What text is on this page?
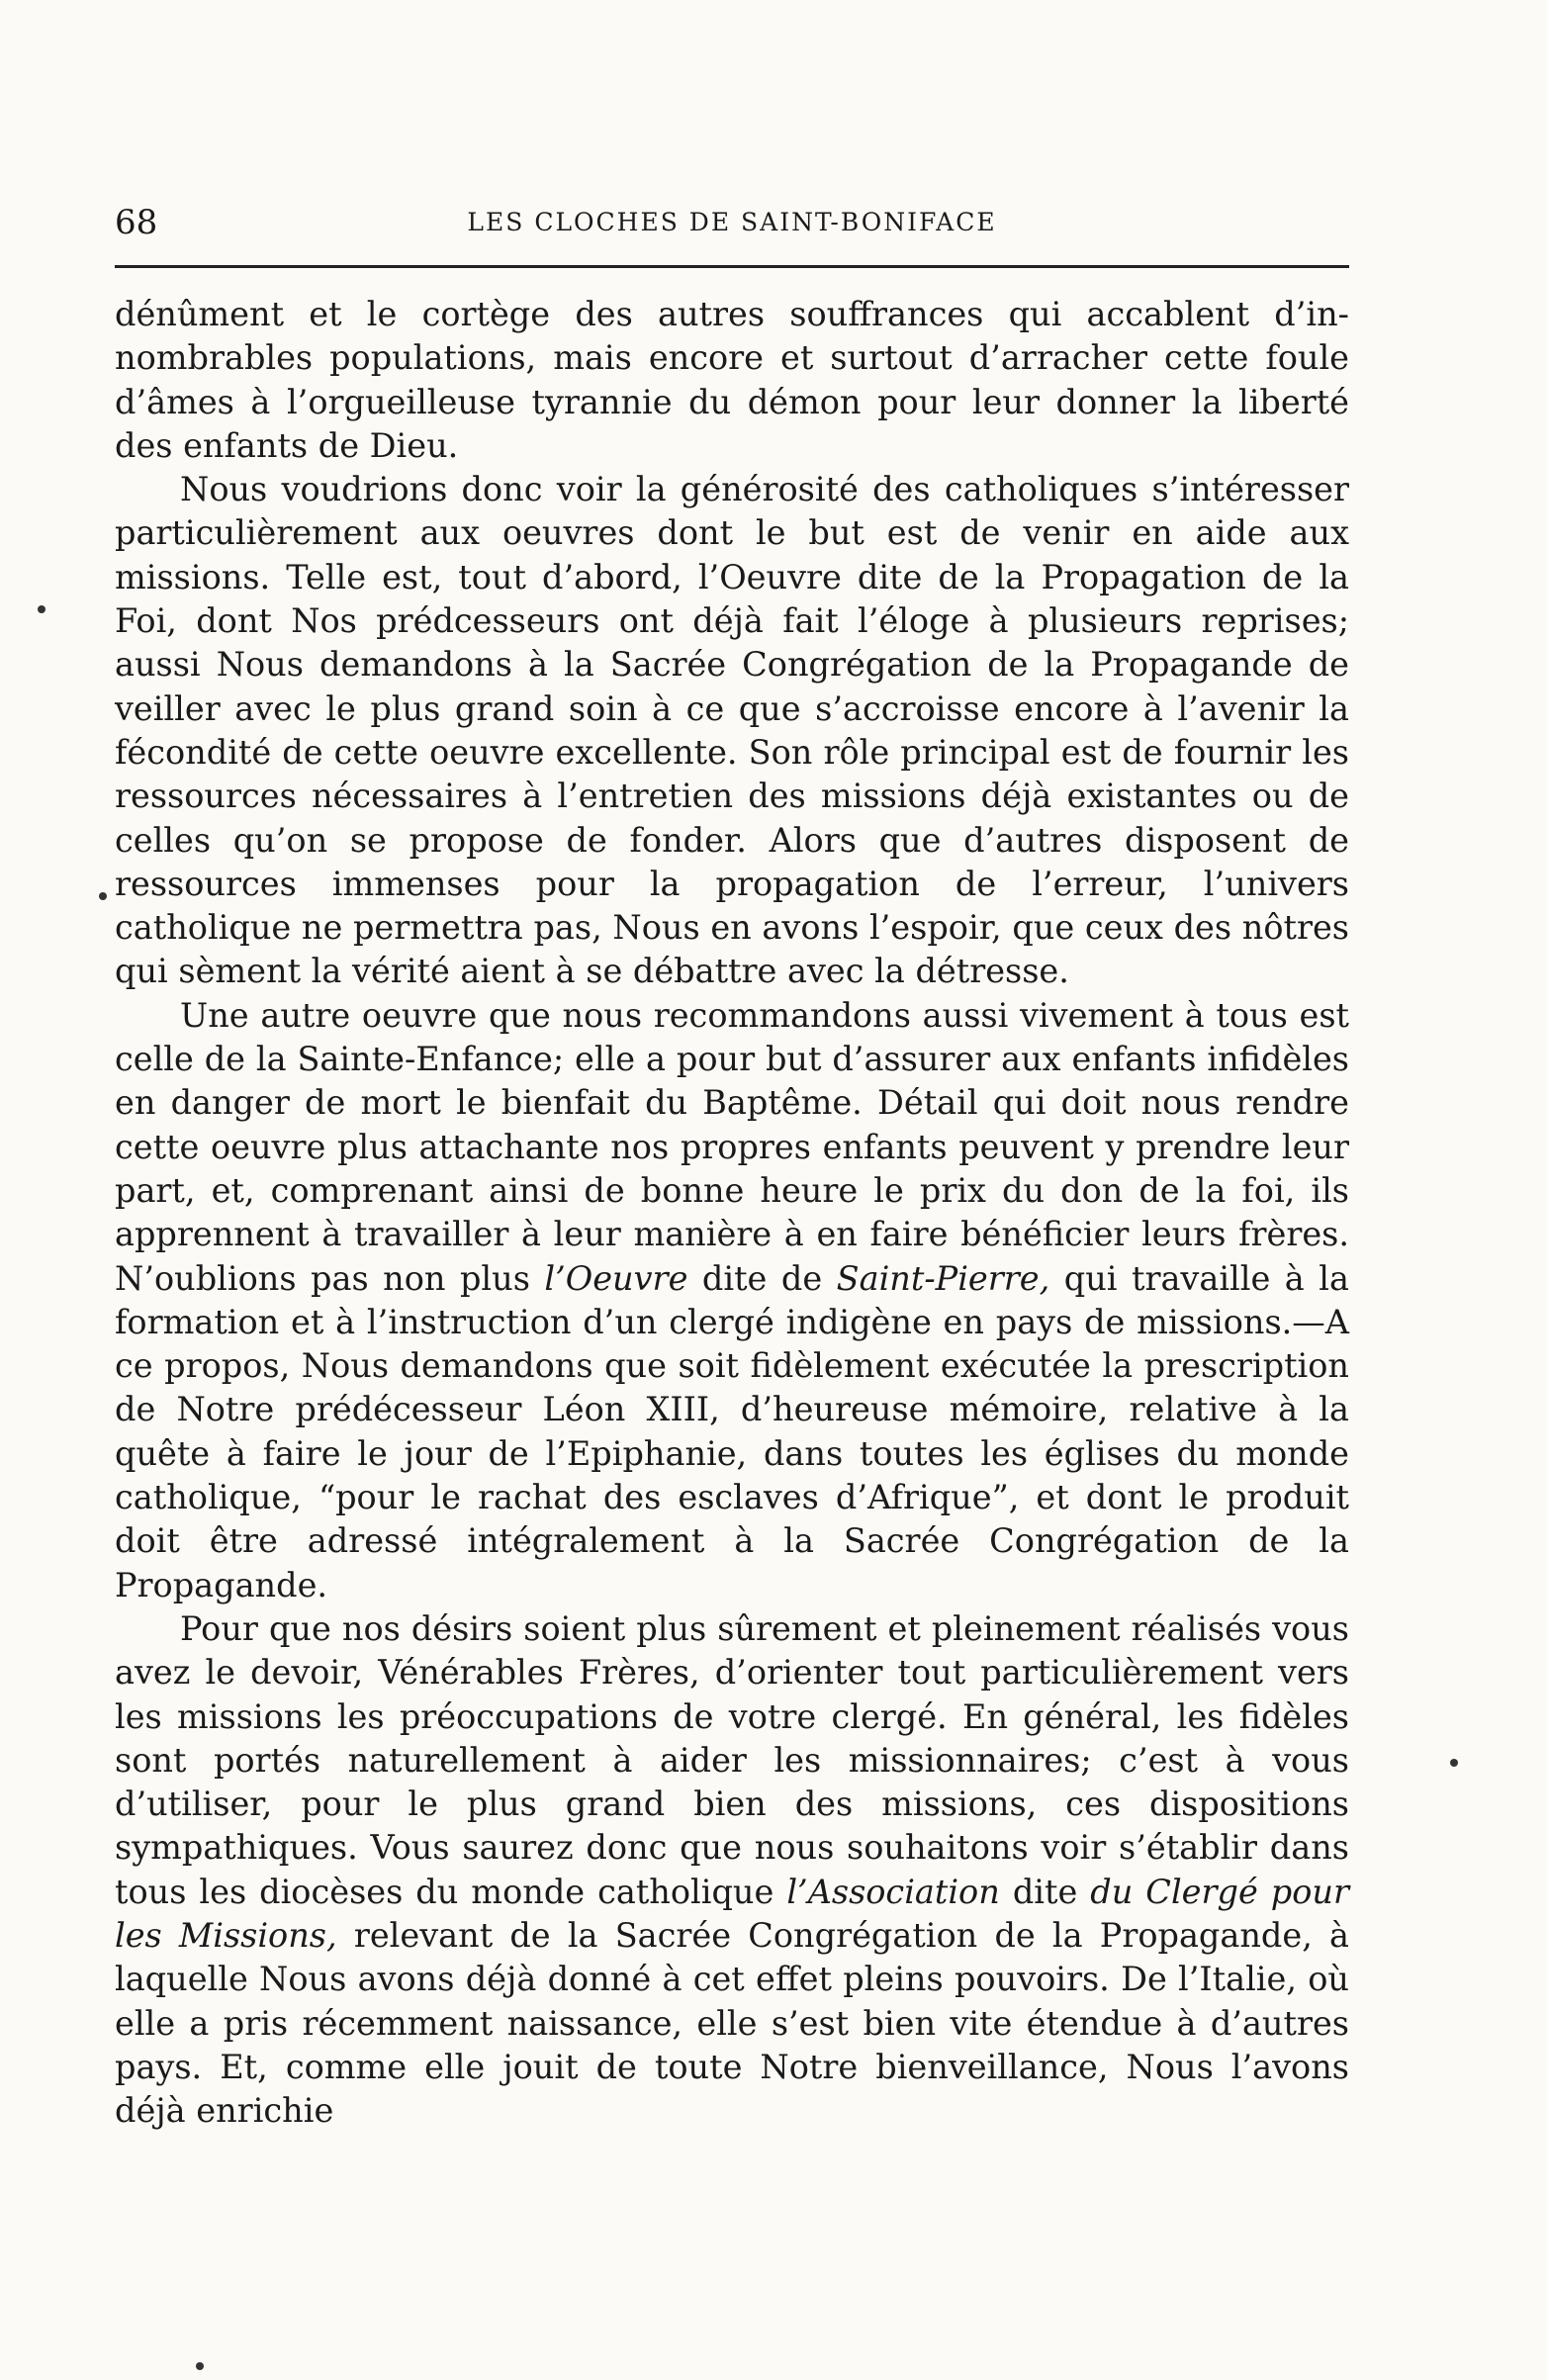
68	LES CLOCHES DE SAINT-BONIFACE

dénûment et le cortège des autres souffrances qui accablent d’innombrables populations, mais encore et surtout d’arracher cette foule d’âmes à l’orgueilleuse tyrannie du démon pour leur donner la liberté des enfants de Dieu.

Nous voudrions donc voir la générosité des catholiques s’intéresser particulièrement aux oeuvres dont le but est de venir en aide aux missions. Telle est, tout d’abord, l’Oeuvre dite de la Propagation de la Foi, dont Nos prédcesseurs ont déjà fait l’éloge à plusieurs reprises; aussi Nous demandons à la Sacrée Congrégation de la Propagande de veiller avec le plus grand soin à ce que s’accroisse encore à l’avenir la fécondité de cette oeuvre excellente. Son rôle principal est de fournir les ressources nécessaires à l’entretien des missions déjà existantes ou de celles qu’on se propose de fonder. Alors que d’autres disposent de ressources immenses pour la propagation de l’erreur, l’univers catholique ne permettra pas, Nous en avons l’espoir, que ceux des nôtres qui sèment la vérité aient à se débattre avec la détresse.

Une autre oeuvre que nous recommandons aussi vivement à tous est celle de la Sainte-Enfance; elle a pour but d’assurer aux enfants infidèles en danger de mort le bienfait du Baptême. Détail qui doit nous rendre cette oeuvre plus attachante nos propres enfants peuvent y prendre leur part, et, comprenant ainsi de bonne heure le prix du don de la foi, ils apprennent à travailler à leur manière à en faire bénéficier leurs frères. N’oublions pas non plus l’Oeuvre dite de Saint-Pierre, qui travaille à la formation et à l’instruction d’un clergé indigène en pays de missions.—A ce propos, Nous demandons que soit fidèlement exécutée la prescription de Notre prédécesseur Léon XIII, d’heureuse mémoire, relative à la quête à faire le jour de l’Epiphanie, dans toutes les églises du monde catholique, “pour le rachat des esclaves d’Afrique”, et dont le produit doit être adressé intégralement à la Sacrée Congrégation de la Propagande.

Pour que nos désirs soient plus sûrement et pleinement réalisés vous avez le devoir, Vénérables Frères, d’orienter tout particulièrement vers les missions les préoccupations de votre clergé. En général, les fidèles sont portés naturellement à aider les missionnaires; c’est à vous d’utiliser, pour le plus grand bien des missions, ces dispositions sympathiques. Vous saurez donc que nous souhaitons voir s’établir dans tous les diocèses du monde catholique l’Association dite du Clergé pour les Missions, relevant de la Sacrée Congrégation de la Propagande, à laquelle Nous avons déjà donné à cet effet pleins pouvoirs. De l’Italie, où elle a pris récemment naissance, elle s’est bien vite étendue à d’autres pays. Et, comme elle jouit de toute Notre bienveillance, Nous l’avons déjà enrichie
